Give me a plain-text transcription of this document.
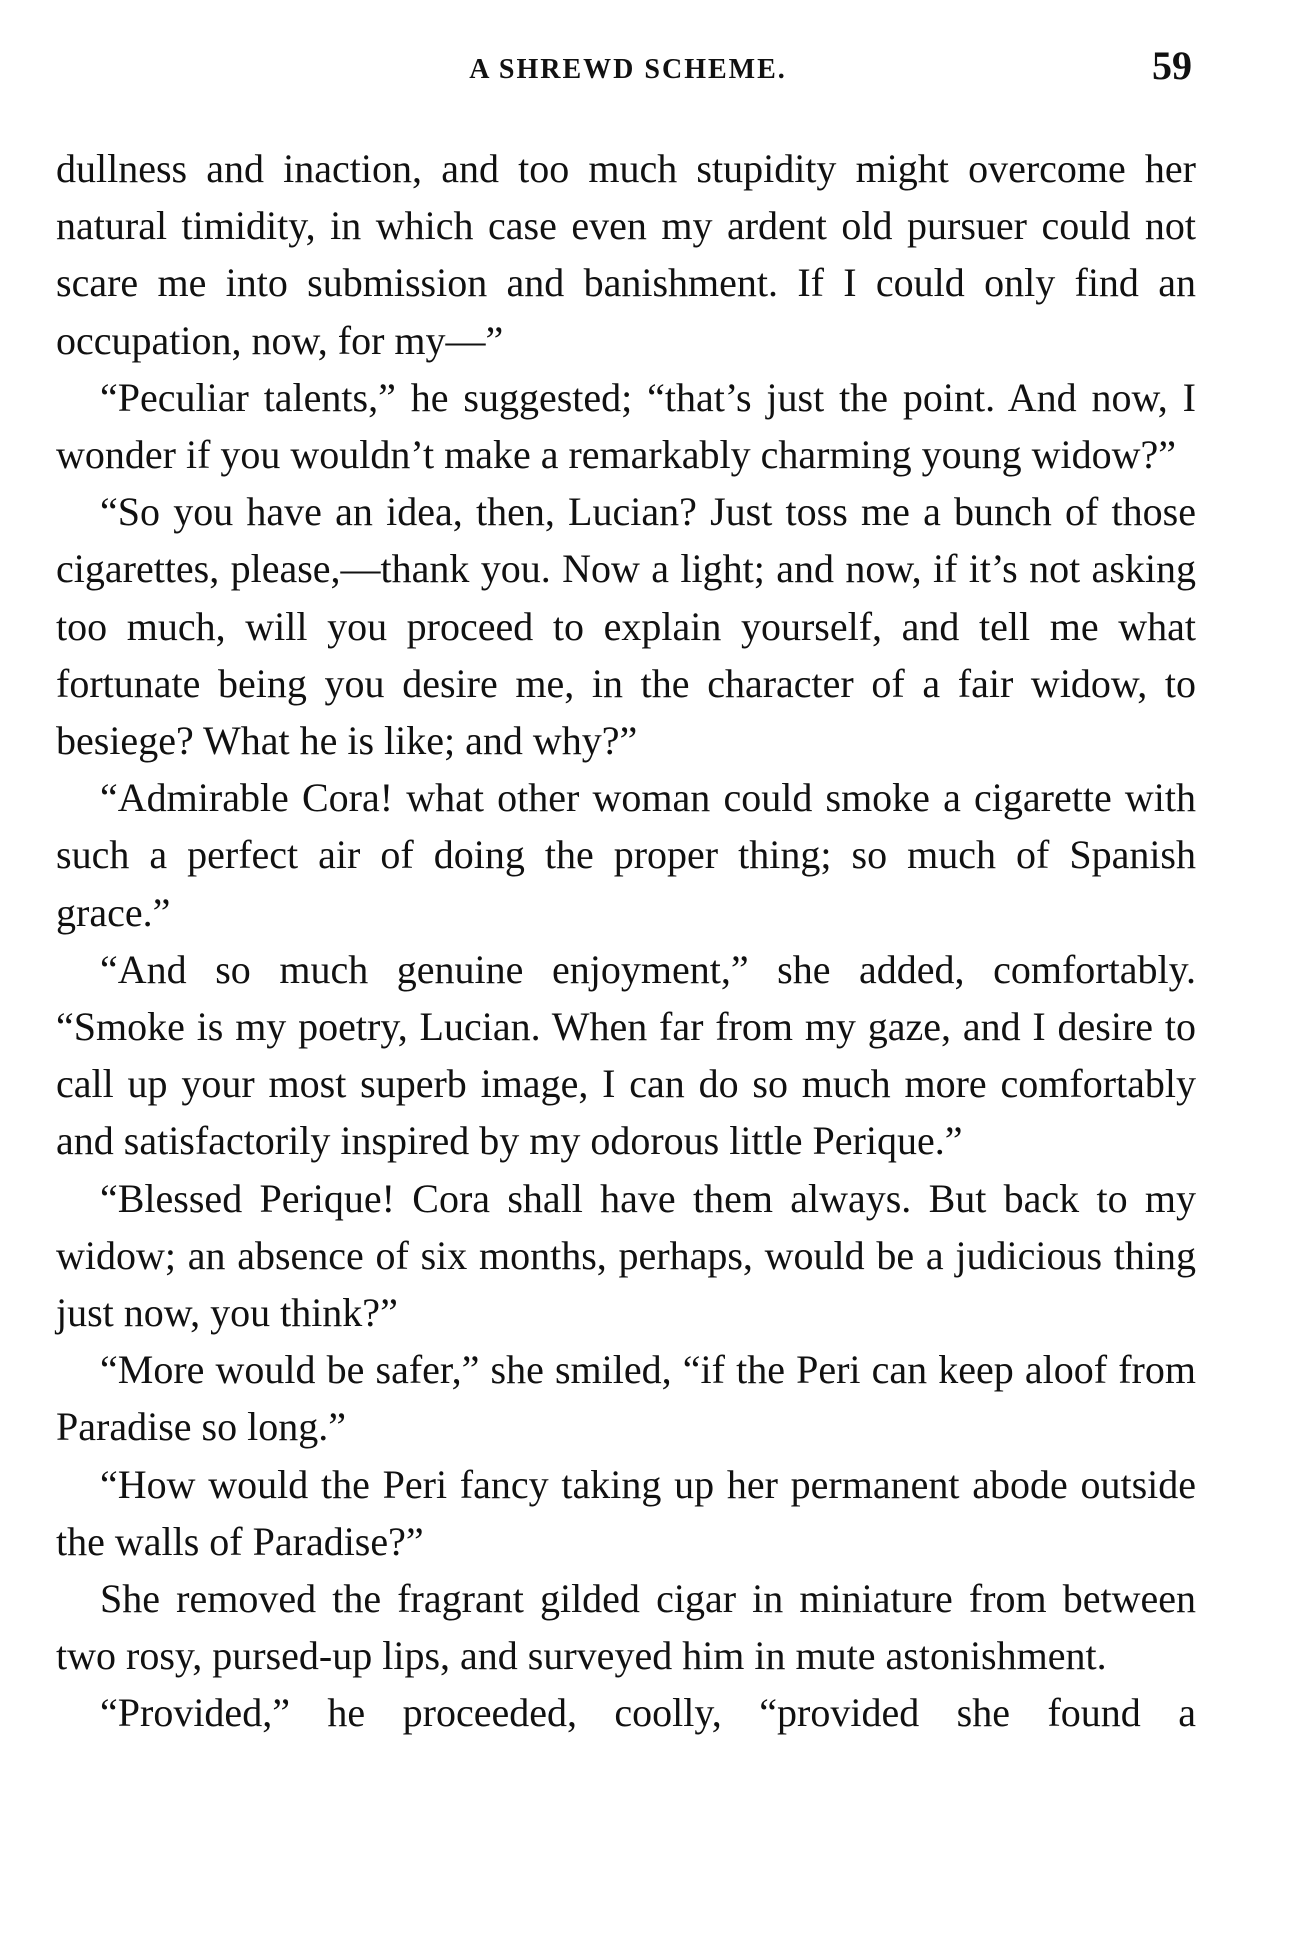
A SHREWD SCHEME.	59

dullness and inaction, and too much stupidity might overcome her natural timidity, in which case even my ardent old pursuer could not scare me into submission and banishment. If I could only find an occupation, now, for my—”

“Peculiar talents,” he suggested; “that’s just the point. And now, I wonder if you wouldn’t make a remarkably charming young widow?”

“So you have an idea, then, Lucian? Just toss me a bunch of those cigarettes, please,—thank you. Now a light; and now, if it’s not asking too much, will you proceed to explain yourself, and tell me what fortunate being you desire me, in the character of a fair widow, to besiege? What he is like; and why?”

“Admirable Cora! what other woman could smoke a cigarette with such a perfect air of doing the proper thing; so much of Spanish grace.”

“And so much genuine enjoyment,” she added, comfortably. “Smoke is my poetry, Lucian. When far from my gaze, and I desire to call up your most superb image, I can do so much more comfortably and satisfactorily inspired by my odorous little Perique.”

“Blessed Perique! Cora shall have them always. But back to my widow; an absence of six months, perhaps, would be a judicious thing just now, you think?”

“More would be safer,” she smiled, “if the Peri can keep aloof from Paradise so long.”

“How would the Peri fancy taking up her permanent abode outside the walls of Paradise?”

She removed the fragrant gilded cigar in miniature from between two rosy, pursed-up lips, and surveyed him in mute astonishment.

“Provided,” he proceeded, coolly, “provided she found a
